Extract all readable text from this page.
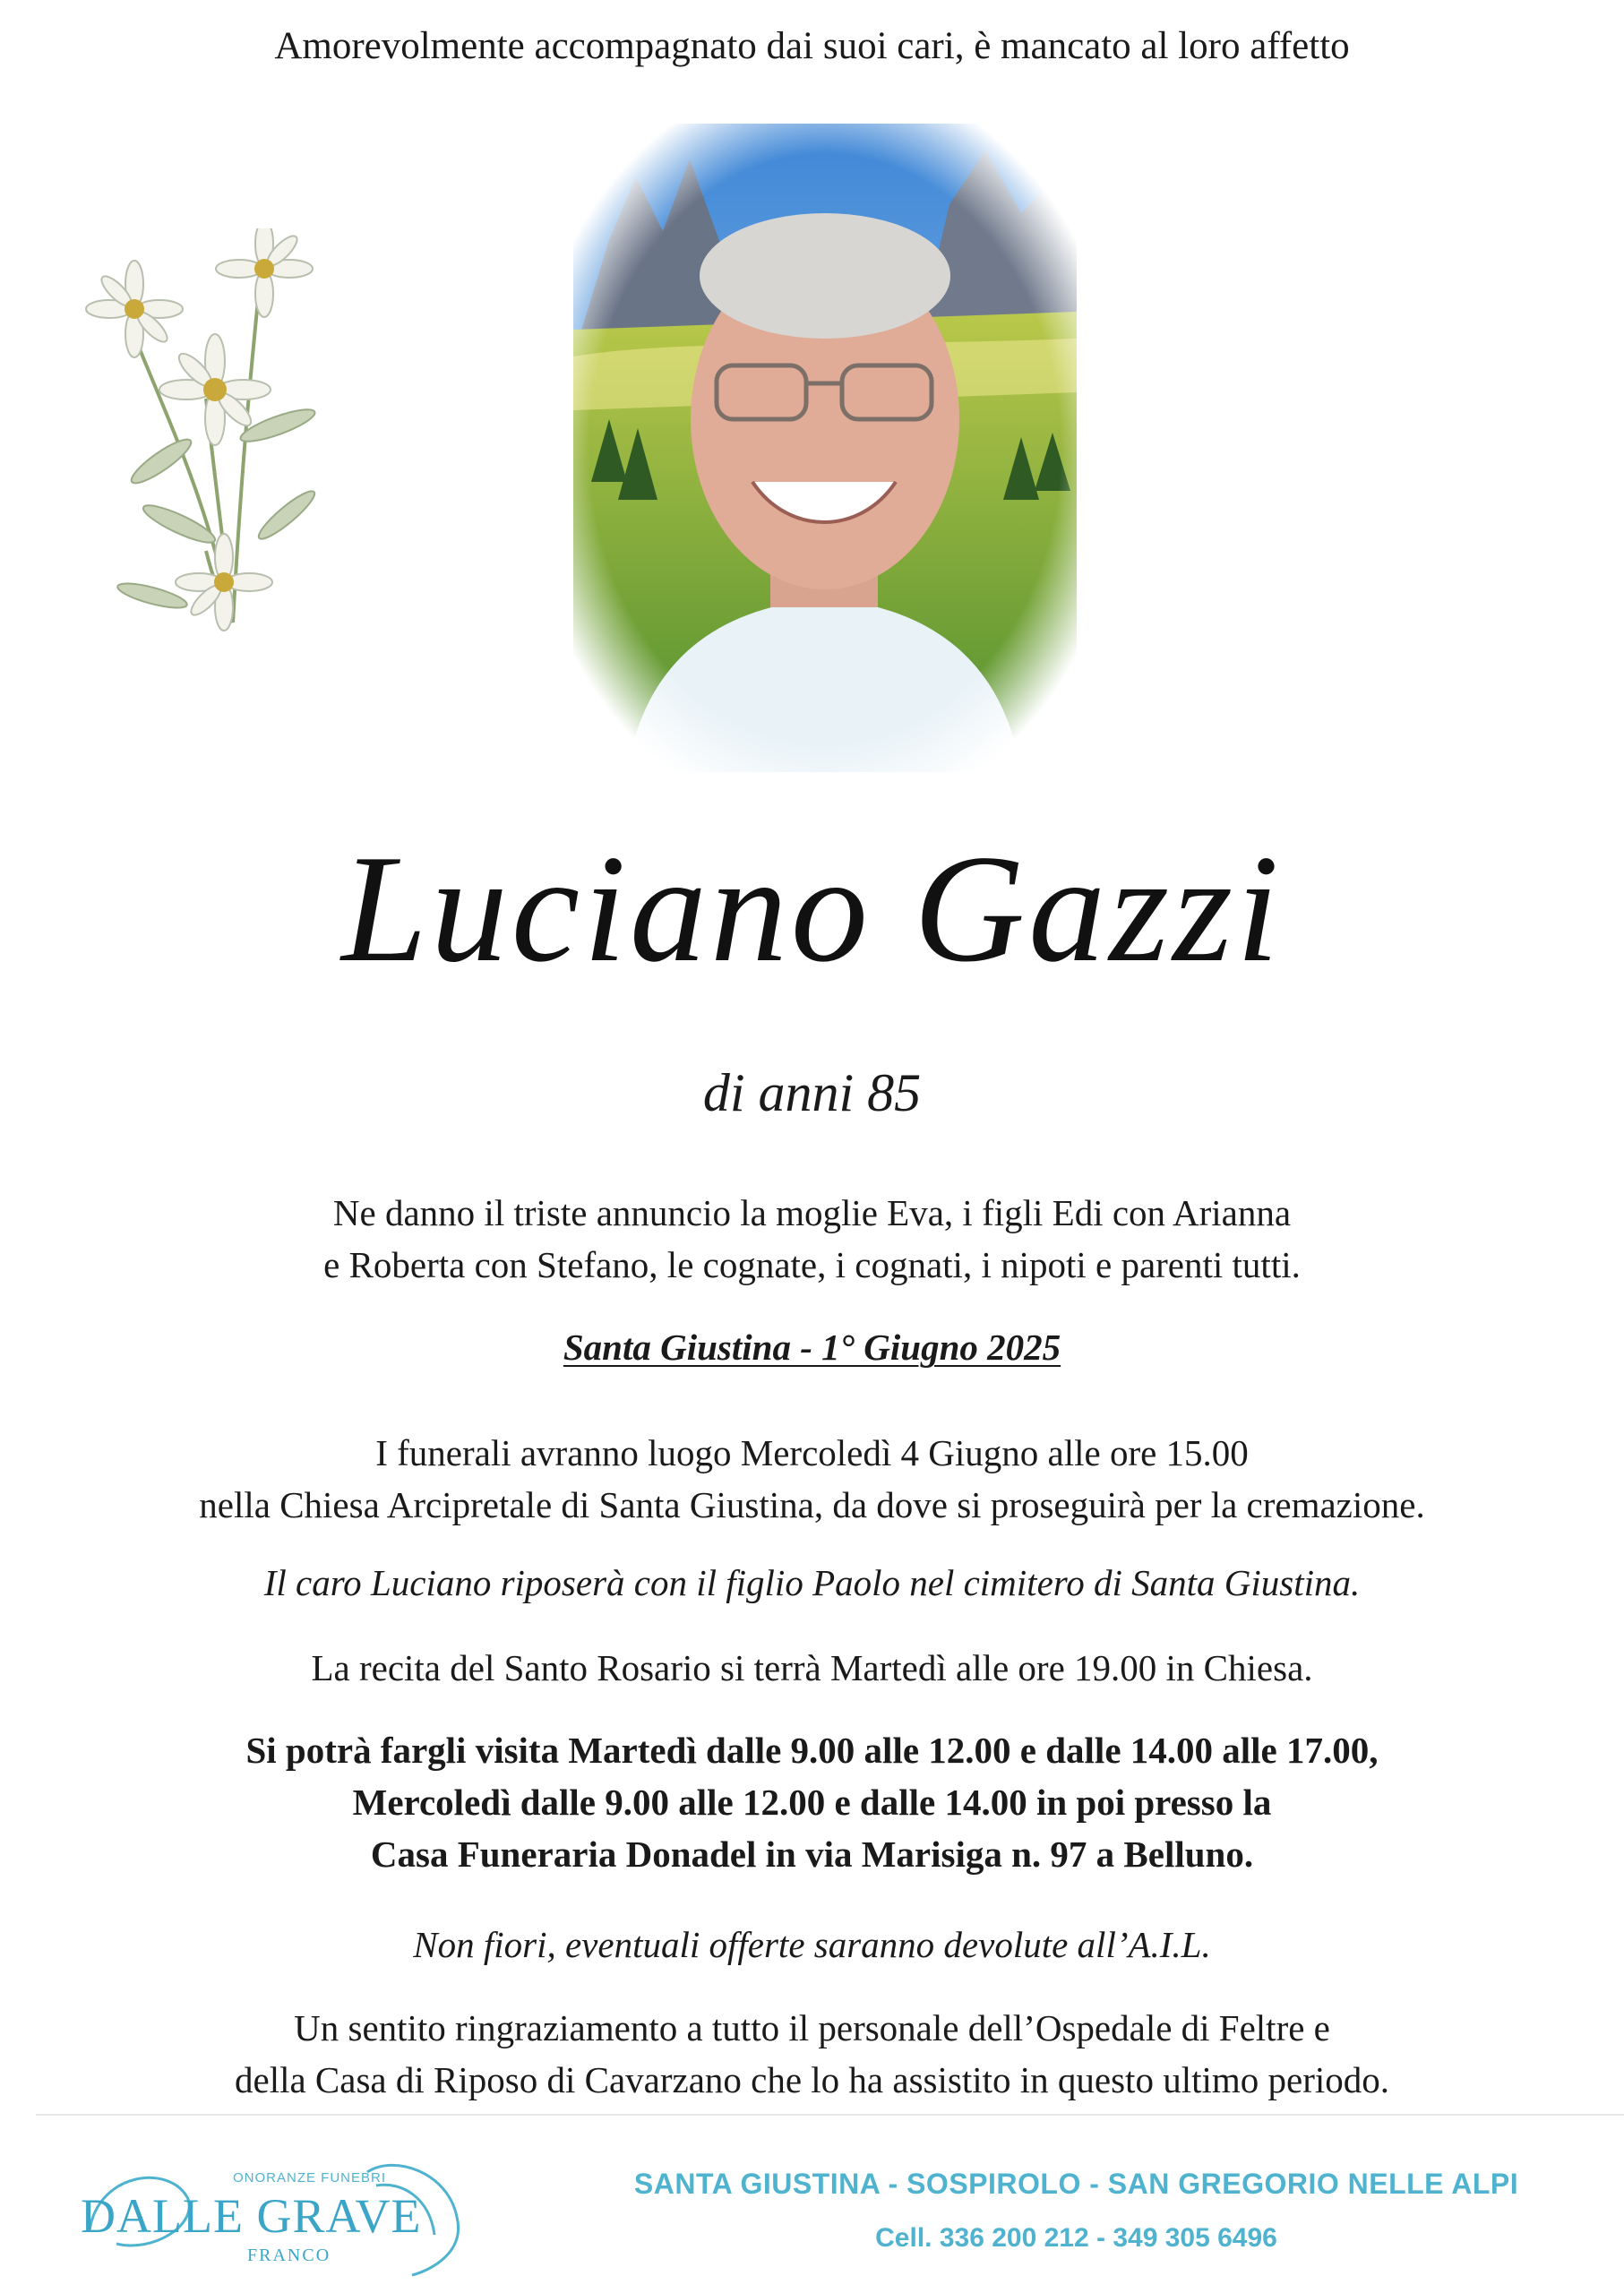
Amorevolmente accompagnato dai suoi cari, è mancato al loro affetto
Luciano Gazzi
di anni 85
Ne danno il triste annuncio la moglie Eva, i figli Edi con Arianna
e Roberta con Stefano, le cognate, i cognati, i nipoti e parenti tutti.
Santa Giustina - 1° Giugno 2025
I funerali avranno luogo Mercoledì 4 Giugno alle ore 15.00
nella Chiesa Arcipretale di Santa Giustina, da dove si proseguirà per la cremazione.
Il caro Luciano riposerà con il figlio Paolo nel cimitero di Santa Giustina.
La recita del Santo Rosario si terrà Martedì alle ore 19.00 in Chiesa.
Si potrà fargli visita Martedì dalle 9.00 alle 12.00 e dalle 14.00 alle 17.00,
Mercoledì dalle 9.00 alle 12.00 e dalle 14.00 in poi presso la
Casa Funeraria Donadel in via Marisiga n. 97 a Belluno.
Non fiori, eventuali offerte saranno devolute all’A.I.L.
Un sentito ringraziamento a tutto il personale dell’Ospedale di Feltre e
della Casa di Riposo di Cavarzano che lo ha assistito in questo ultimo periodo.
ONORANZE FUNEBRI
DALLE GRAVE
FRANCO
SANTA GIUSTINA - SOSPIROLO - SAN GREGORIO NELLE ALPI
Cell. 336 200 212 - 349 305 6496
